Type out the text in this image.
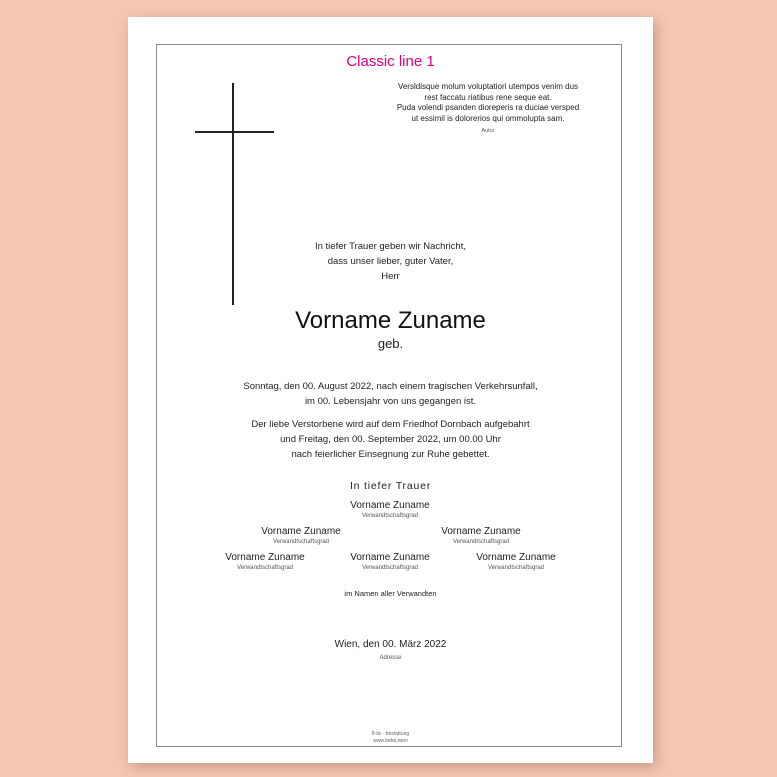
Classic line 1
Versldisque molum voluptatiori utempos venim dus
rest faccatu riatibus rene seque eat.
Puda volendi psanden dioreperis ra duciae versped
ut essimil is dolorerios qui ommolupta sam.
Autor
In tiefer Trauer geben wir Nachricht,
dass unser lieber, guter Vater,
Herr
Vorname Zuname
geb.
Sonntag, den 00. August 2022, nach einem tragischen Verkehrsunfall,
im 00. Lebensjahr von uns gegangen ist.
Der liebe Verstorbene wird auf dem Friedhof Dornbach aufgebahrt
und Freitag, den 00. September 2022, um 00.00 Uhr
nach feierlicher Einsegnung zur Ruhe gebettet.
In tiefer Trauer
Vorname Zuname
Verwandtschaftsgrad
Vorname Zuname
Verwandtschaftsgrad
Vorname Zuname
Verwandtschaftsgrad
Vorname Zuname
Verwandtschaftsgrad
Vorname Zuname
Verwandtschaftsgrad
Vorname Zuname
Verwandtschaftsgrad
im Namen aller Verwandten
Wien, den 00. März 2022
Adresse
ϐ·bε · bestattung
www.beba.wien
